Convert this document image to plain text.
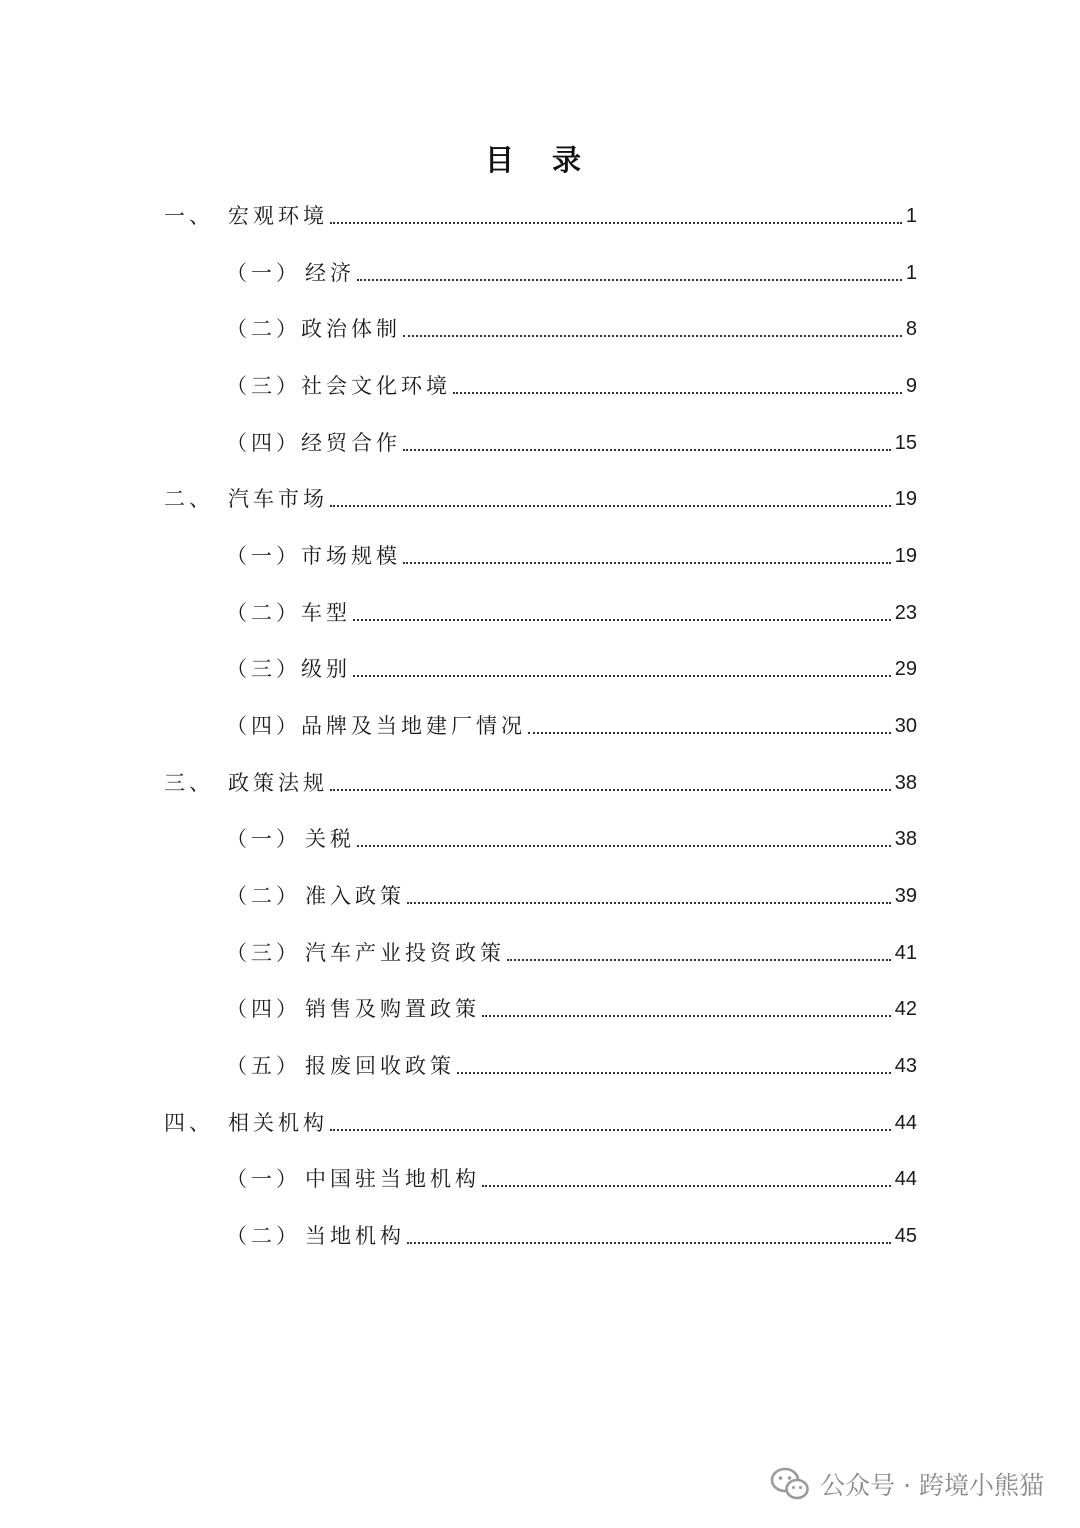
目 录
一、 宏观环境	1
（一） 经济	1
（二） 政治体制	8
（三） 社会文化环境	9
（四） 经贸合作	15
二、 汽车市场	19
（一） 市场规模	19
（二） 车型	23
（三） 级别	29
（四） 品牌及当地建厂情况	30
三、 政策法规	38
（一） 关税	38
（二） 准入政策	39
（三） 汽车产业投资政策	41
（四） 销售及购置政策	42
（五） 报废回收政策	43
四、 相关机构	44
（一） 中国驻当地机构	44
（二） 当地机构	45
公众号 · 跨境小熊猫
